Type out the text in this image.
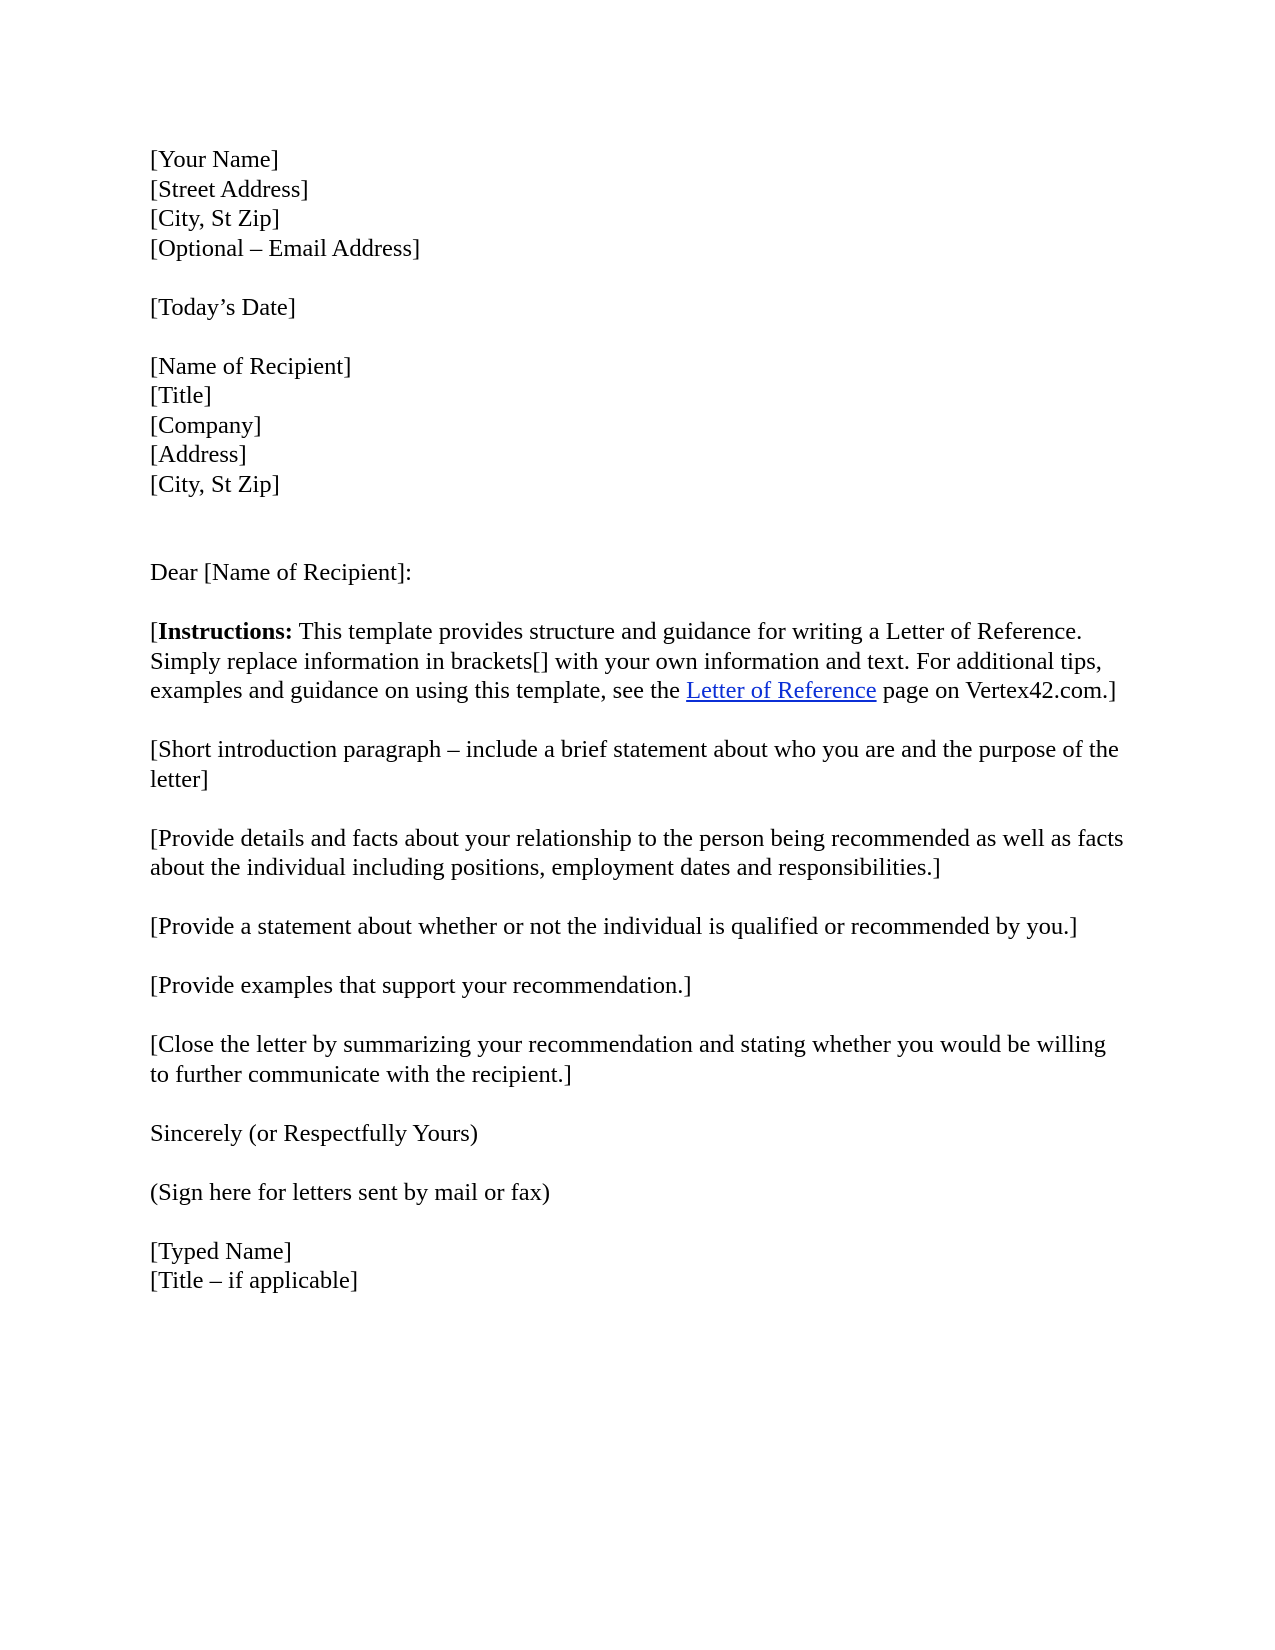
[Your Name]
[Street Address]
[City, St Zip]
[Optional – Email Address]
[Today’s Date]
[Name of Recipient]
[Title]
[Company]
[Address]
[City, St Zip]

Dear [Name of Recipient]:

[Instructions: This template provides structure and guidance for writing a Letter of Reference. Simply replace information in brackets[] with your own information and text. For additional tips, examples and guidance on using this template, see the Letter of Reference page on Vertex42.com.]

[Short introduction paragraph – include a brief statement about who you are and the purpose of the letter]

[Provide details and facts about your relationship to the person being recommended as well as facts about the individual including positions, employment dates and responsibilities.]

[Provide a statement about whether or not the individual is qualified or recommended by you.]

[Provide examples that support your recommendation.]

[Close the letter by summarizing your recommendation and stating whether you would be willing to further communicate with the recipient.]

Sincerely (or Respectfully Yours)

(Sign here for letters sent by mail or fax)

[Typed Name]
[Title – if applicable]
